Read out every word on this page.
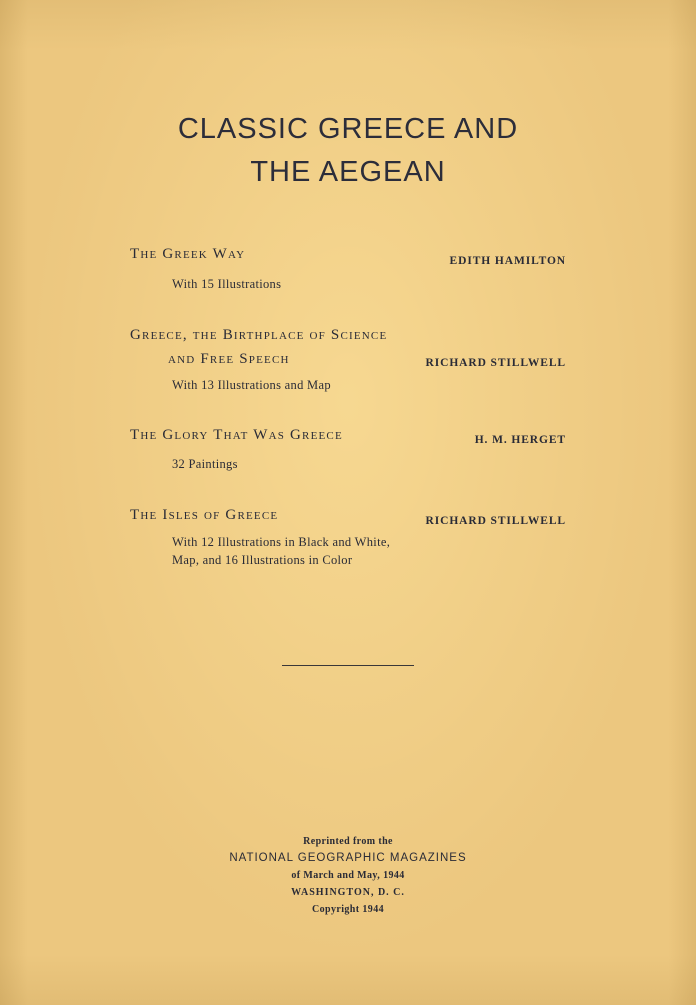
CLASSIC GREECE AND
THE AEGEAN
The Greek Way	EDITH HAMILTON
With 15 Illustrations
Greece, the Birthplace of Science
and Free Speech	RICHARD STILLWELL
With 13 Illustrations and Map
The Glory That Was Greece	H. M. HERGET
32 Paintings
The Isles of Greece	RICHARD STILLWELL
With 12 Illustrations in Black and White,
Map, and 16 Illustrations in Color
Reprinted from the
NATIONAL GEOGRAPHIC MAGAZINES
of March and May, 1944
WASHINGTON, D. C.
Copyright 1944
